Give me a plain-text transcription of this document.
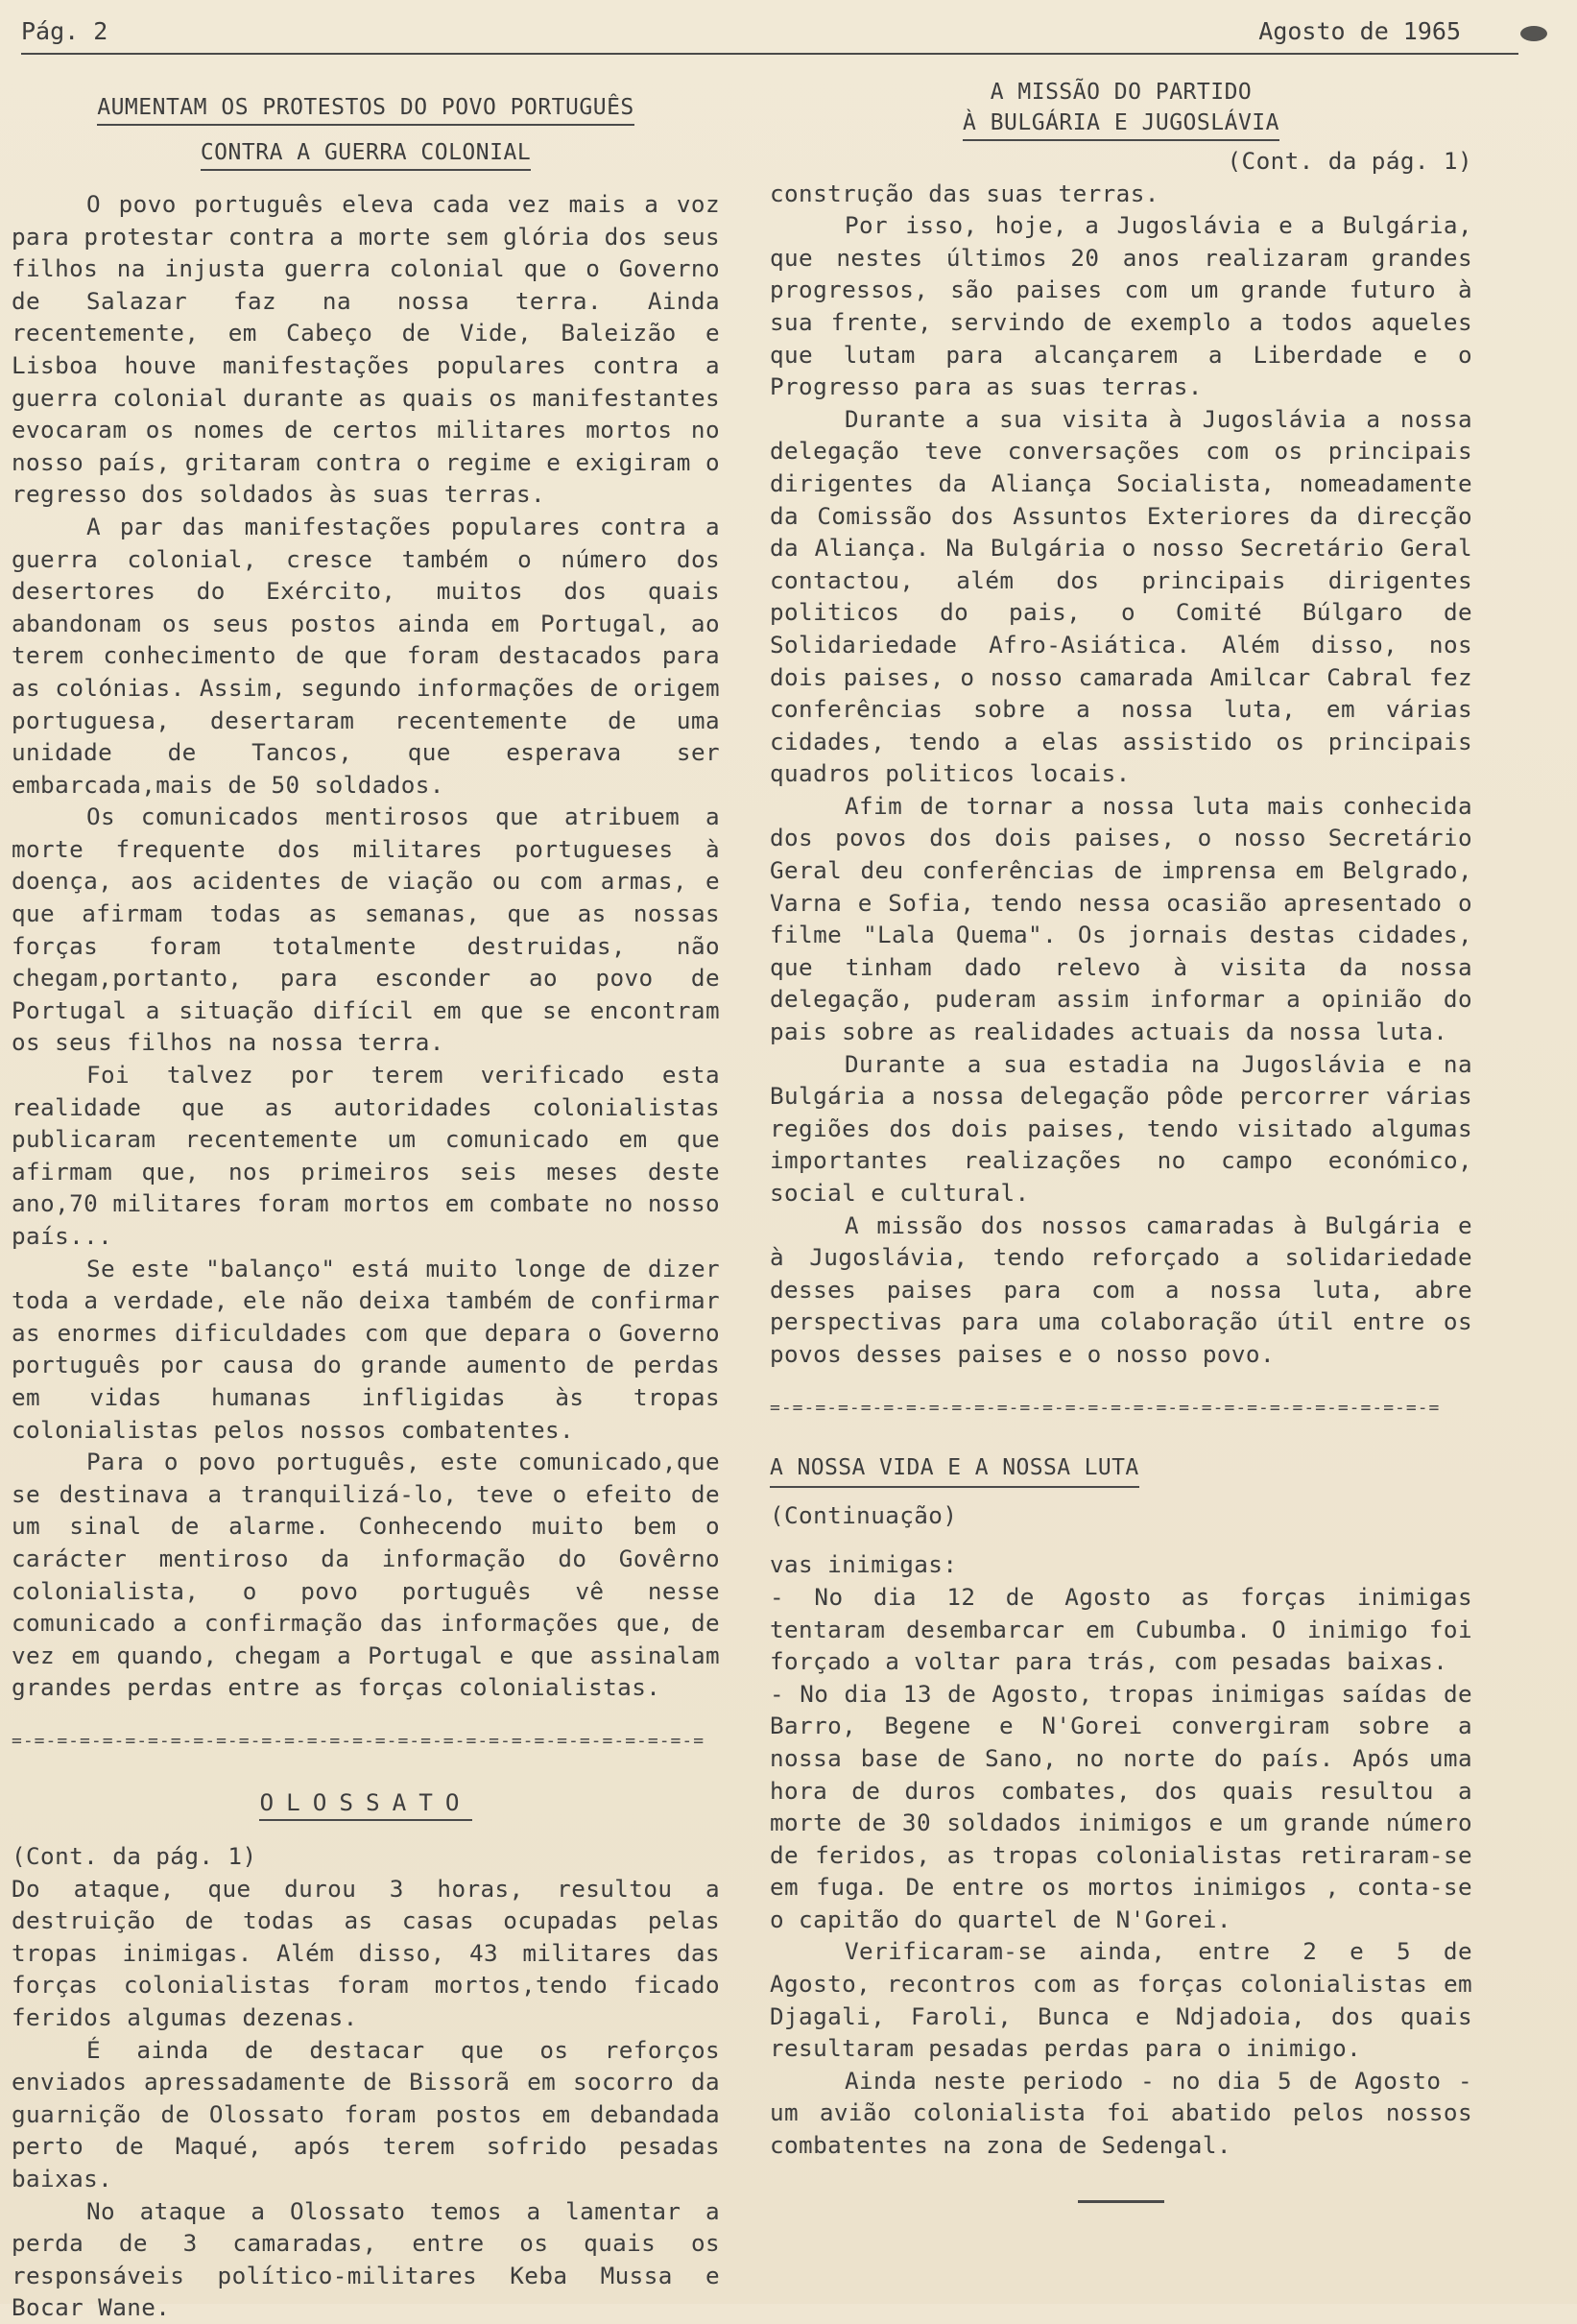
Pág. 2	Agosto de 1965
AUMENTAM OS PROTESTOS DO POVO PORTUGUÊS
CONTRA A GUERRA COLONIAL

O povo português eleva cada vez mais a voz para protestar contra a morte sem glória dos seus filhos na injusta guerra colonial que o Governo de Salazar faz na nossa terra. Ainda recentemente, em Cabeço de Vide, Baleizão e Lisboa houve manifestações populares contra a guerra colonial durante as quais os manifestantes evocaram os nomes de certos militares mortos no nosso país, gritaram contra o regime e exigiram o regresso dos soldados às suas terras.

A par das manifestações populares contra a guerra colonial, cresce também o número dos desertores do Exército, muitos dos quais abandonam os seus postos ainda em Portugal, ao terem conhecimento de que foram destacados para as colónias. Assim, segundo informações de origem portuguesa, desertaram recentemente de uma unidade de Tancos, que esperava ser embarcada,mais de 50 soldados.

Os comunicados mentirosos que atribuem a morte frequente dos militares portugueses à doença, aos acidentes de viação ou com armas, e que afirmam todas as semanas, que as nossas forças foram totalmente destruidas, não chegam,portanto, para esconder ao povo de Portugal a situação difícil em que se encontram os seus filhos na nossa terra.

Foi talvez por terem verificado esta realidade que as autoridades colonialistas publicaram recentemente um comunicado em que afirmam que, nos primeiros seis meses deste ano,70 militares foram mortos em combate no nosso país...

Se este "balanço" está muito longe de dizer toda a verdade, ele não deixa também de confirmar as enormes dificuldades com que depara o Governo português por causa do grande aumento de perdas em vidas humanas infligidas às tropas colonialistas pelos nossos combatentes.

Para o povo português, este comunicado,que se destinava a tranquilizá-lo, teve o efeito de um sinal de alarme. Conhecendo muito bem o carácter mentiroso da informação do Govêrno colonialista, o povo português vê nesse comunicado a confirmação das informações que, de vez em quando, chegam a Portugal e que assinalam grandes perdas entre as forças colonialistas.

=-=-=-=-=-=-=-=-=-=-=-=-=-=-=-=-=-=-=-=-=-=-=-=-=-=-=-=-=-=-=
OLOSSATO

(Cont. da pág. 1)

Do ataque, que durou 3 horas, resultou a destruição de todas as casas ocupadas pelas tropas inimigas. Além disso, 43 militares das forças colonialistas foram mortos,tendo ficado feridos algumas dezenas.

É ainda de destacar que os reforços enviados apressadamente de Bissorã em socorro da guarnição de Olossato foram postos em debandada perto de Maqué, após terem sofrido pesadas baixas.

No ataque a Olossato temos a lamentar a perda de 3 camaradas, entre os quais os responsáveis político-militares Keba Mussa e Bocar Wane.

A MISSÃO DO PARTIDO
À BULGÁRIA E JUGOSLÁVIA
(Cont. da pág. 1)

construção das suas terras.

Por isso, hoje, a Jugoslávia e a Bulgária, que nestes últimos 20 anos realizaram grandes progressos, são paises com um grande futuro à sua frente, servindo de exemplo a todos aqueles que lutam para alcançarem a Liberdade e o Progresso para as suas terras.

Durante a sua visita à Jugoslávia a nossa delegação teve conversações com os principais dirigentes da Aliança Socialista, nomeadamente da Comissão dos Assuntos Exteriores da direcção da Aliança. Na Bulgária o nosso Secretário Geral contactou, além dos principais dirigentes politicos do pais, o Comité Búlgaro de Solidariedade Afro-Asiática. Além disso, nos dois paises, o nosso camarada Amilcar Cabral fez conferências sobre a nossa luta, em várias cidades, tendo a elas assistido os principais quadros politicos locais.

Afim de tornar a nossa luta mais conhecida dos povos dos dois paises, o nosso Secretário Geral deu conferências de imprensa em Belgrado, Varna e Sofia, tendo nessa ocasião apresentado o filme "Lala Quema". Os jornais destas cidades, que tinham dado relevo à visita da nossa delegação, puderam assim informar a opinião do pais sobre as realidades actuais da nossa luta.

Durante a sua estadia na Jugoslávia e na Bulgária a nossa delegação pôde percorrer várias regiões dos dois paises, tendo visitado algumas importantes realizações no campo económico, social e cultural.

A missão dos nossos camaradas à Bulgária e à Jugoslávia, tendo reforçado a solidariedade desses paises para com a nossa luta, abre perspectivas para uma colaboração útil entre os povos desses paises e o nosso povo.

=-=-=-=-=-=-=-=-=-=-=-=-=-=-=-=-=-=-=-=-=-=-=-=-=-=-=-=-=-=
A NOSSA VIDA E A NOSSA LUTA

(Continuação)

vas inimigas:

- No dia 12 de Agosto as forças inimigas tentaram desembarcar em Cubumba. O inimigo foi forçado a voltar para trás, com pesadas baixas.

- No dia 13 de Agosto, tropas inimigas saídas de Barro, Begene e N'Gorei convergiram sobre a nossa base de Sano, no norte do país. Após uma hora de duros combates, dos quais resultou a morte de 30 soldados inimigos e um grande número de feridos, as tropas colonialistas retiraram-se em fuga. De entre os mortos inimigos , conta-se o capitão do quartel de N'Gorei.

Verificaram-se ainda, entre 2 e 5 de Agosto, recontros com as forças colonialistas em Djagali, Faroli, Bunca e Ndjadoia, dos quais resultaram pesadas perdas para o inimigo.

Ainda neste periodo - no dia 5 de Agosto - um avião colonialista foi abatido pelos nossos combatentes na zona de Sedengal.
